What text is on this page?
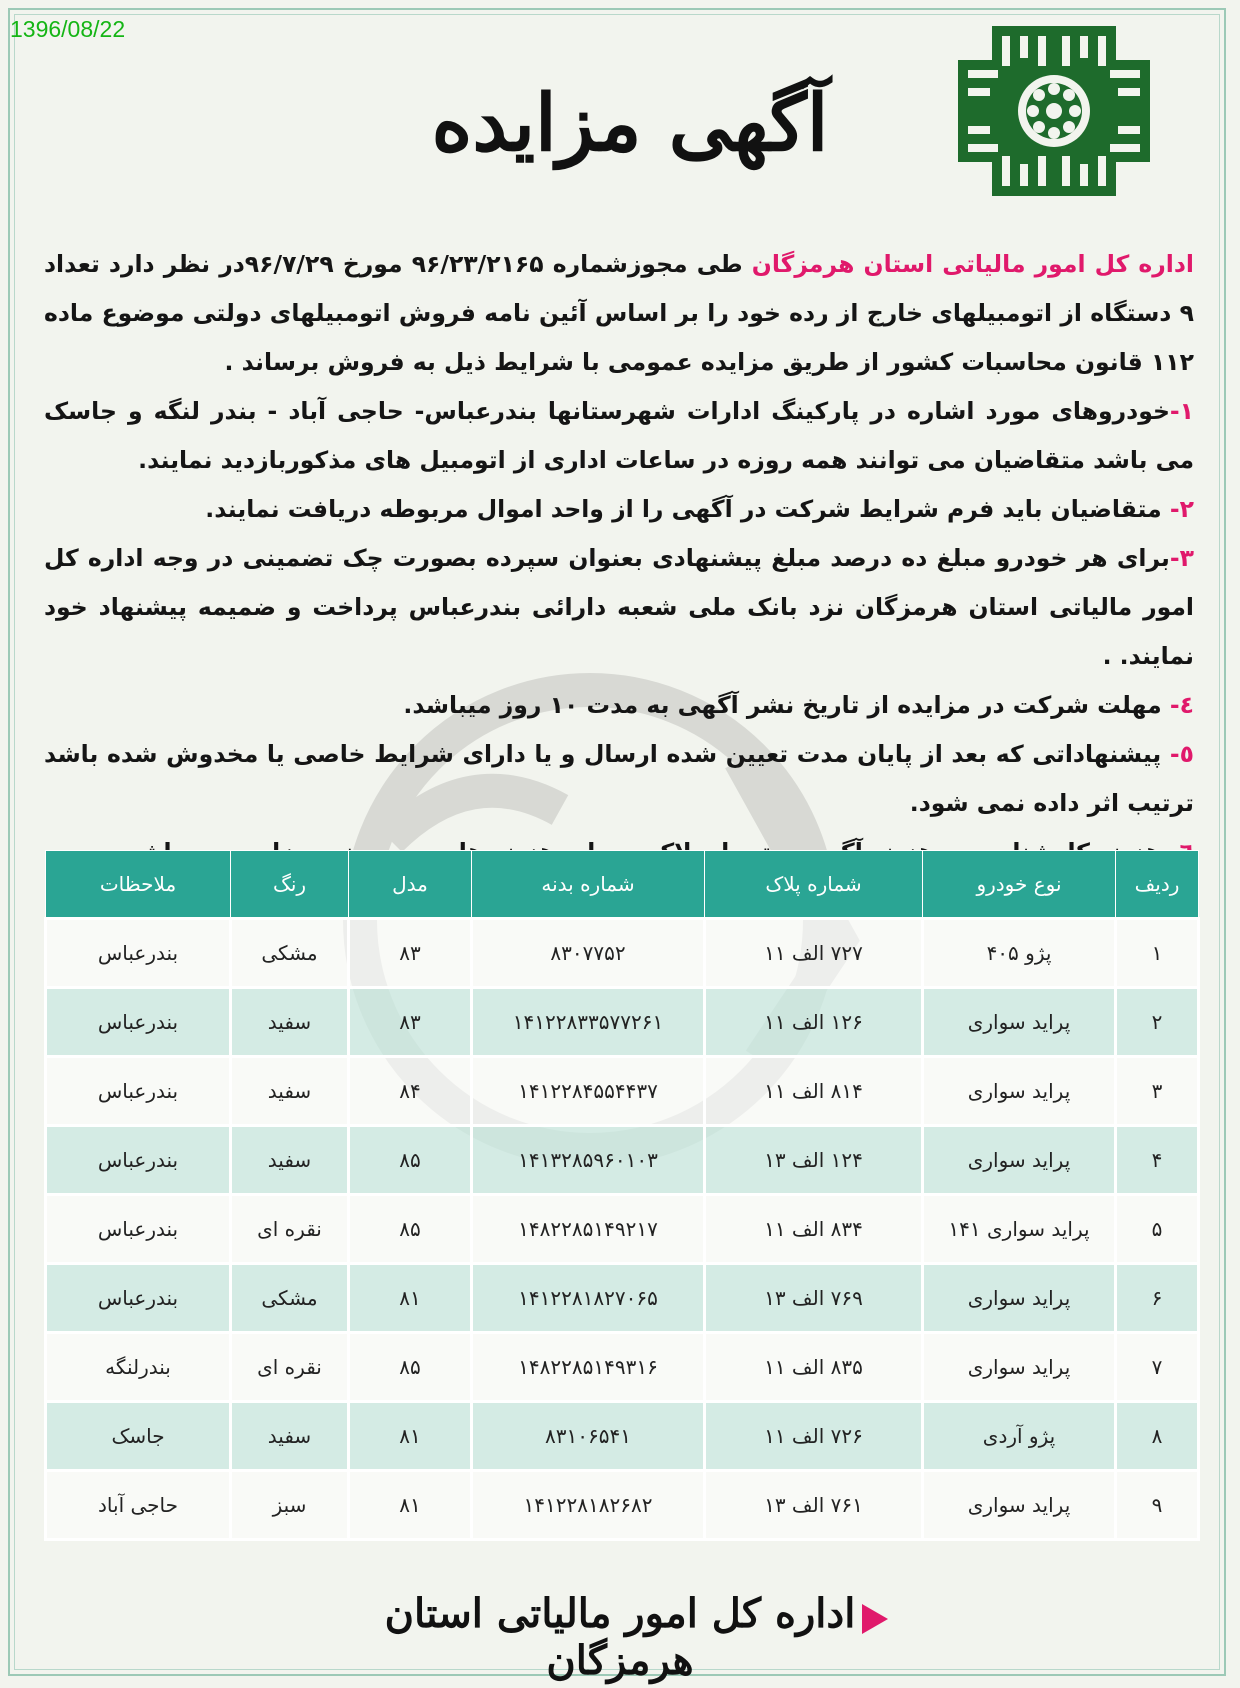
1396/08/22
آگهی مزایده

اداره کل امور مالیاتی استان هرمزگان طی مجوزشماره ۹۶/۲۳/۲۱۶۵ مورخ ۹۶/۷/۲۹در نظر دارد تعداد ۹ دستگاه از اتومبیلهای خارج از رده خود را بر اساس آئین نامه فروش اتومبیلهای دولتی موضوع ماده ۱۱۲ قانون محاسبات کشور از طریق مزایده عمومی با شرایط ذیل به فروش برساند .

۱-خودروهای مورد اشاره در پارکینگ ادارات شهرستانها بندرعباس- حاجی آباد - بندر لنگه و جاسک می باشد متقاضیان می توانند همه روزه در ساعات اداری از اتومبیل های مذکوربازدید نمایند.

۲- متقاضیان باید فرم شرایط شرکت در آگهی را از واحد اموال مربوطه دریافت نمایند.

۳-برای هر خودرو مبلغ ده درصد مبلغ پیشنهادی بعنوان سپرده بصورت چک تضمینی در وجه اداره کل امور مالیاتی استان هرمزگان نزد بانک ملی شعبه دارائی بندرعباس پرداخت و ضمیمه پیشنهاد خود نمایند. .

٤- مهلت شرکت در مزایده از تاریخ نشر آگهی به مدت ۱۰ روز میباشد.

٥- پیشنهاداتی که بعد از پایان مدت تعیین شده ارسال و یا دارای شرایط خاصی یا مخدوش شده باشد ترتیب اثر داده نمی شود.

ردیف	نوع خودرو	شماره پلاک	شماره بدنه	مدل	رنگ	ملاحظات
۱	پژو ۴۰۵	۷۲۷ الف ۱۱	۸۳۰۷۷۵۲	۸۳	مشکی	بندرعباس
۲	پراید سواری	۱۲۶ الف ۱۱	۱۴۱۲۲۸۳۳۵۷۷۲۶۱	۸۳	سفید	بندرعباس
۳	پراید سواری	۸۱۴ الف ۱۱	۱۴۱۲۲۸۴۵۵۴۴۳۷	۸۴	سفید	بندرعباس
۴	پراید سواری	۱۲۴ الف ۱۳	۱۴۱۳۲۸۵۹۶۰۱۰۳	۸۵	سفید	بندرعباس
۵	پراید سواری ۱۴۱	۸۳۴ الف ۱۱	۱۴۸۲۲۸۵۱۴۹۲۱۷	۸۵	نقره ای	بندرعباس
۶	پراید سواری	۷۶۹ الف ۱۳	۱۴۱۲۲۸۱۸۲۷۰۶۵	۸۱	مشکی	بندرعباس
۷	پراید سواری	۸۳۵ الف ۱۱	۱۴۸۲۲۸۵۱۴۹۳۱۶	۸۵	نقره ای	بندرلنگه
۸	پژو آردی	۷۲۶ الف ۱۱	۸۳۱۰۶۵۴۱	۸۱	سفید	جاسک
۹	پراید سواری	۷۶۱ الف ۱۳	۱۴۱۲۲۸۱۸۲۶۸۲	۸۱	سبز	حاجی آباد
اداره کل امور مالیاتی استان هرمزگان
